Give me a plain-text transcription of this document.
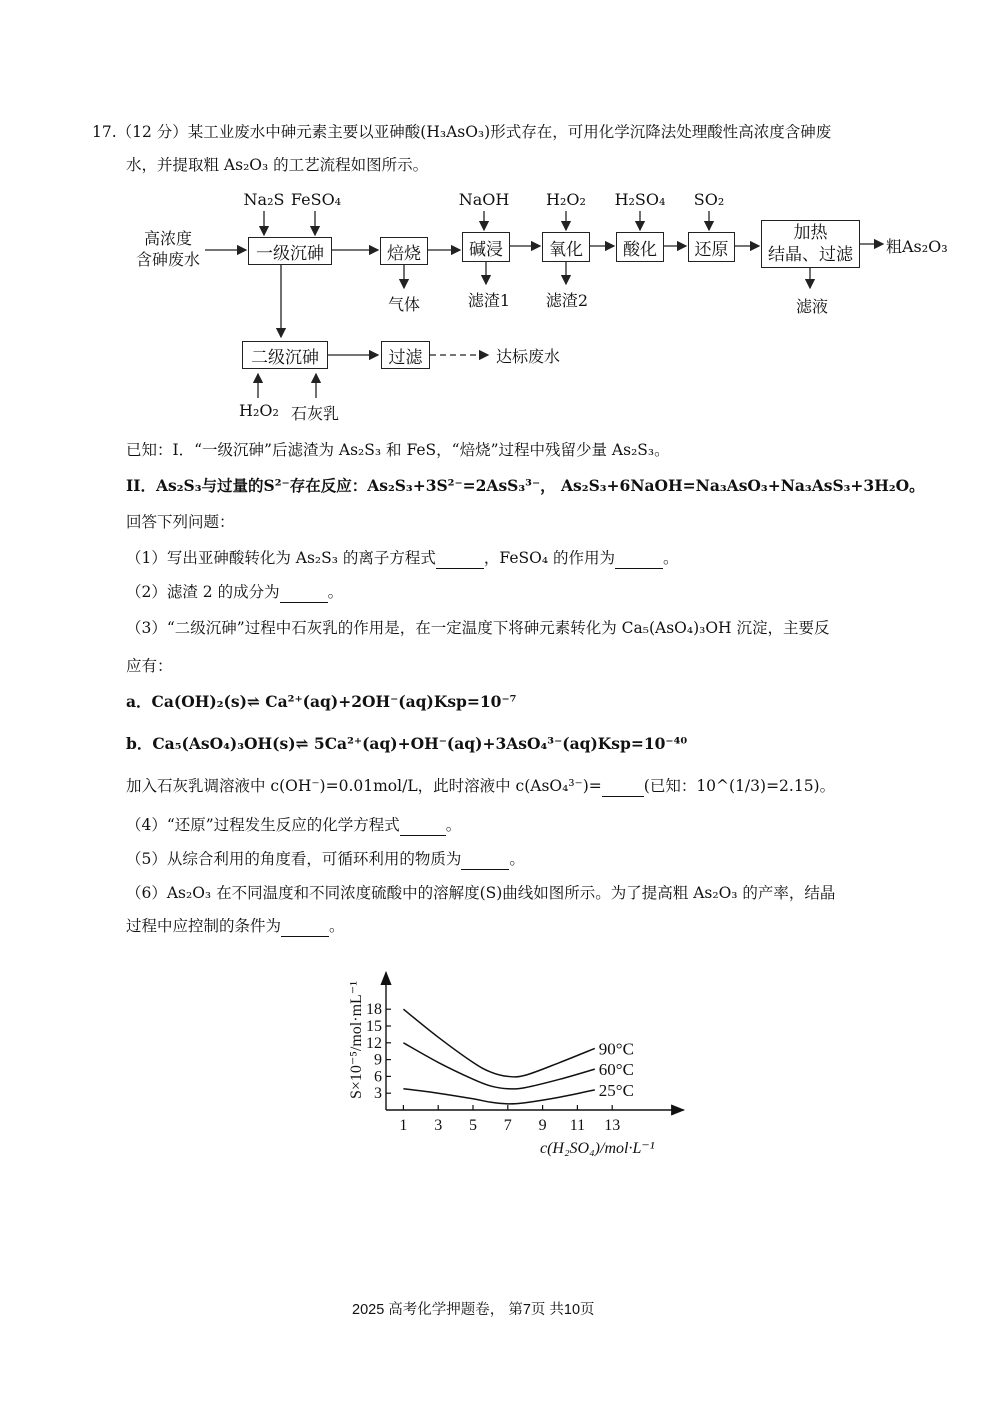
17.（12 分）某工业废水中砷元素主要以亚砷酸(H₃AsO₃)形式存在，可用化学沉降法处理酸性高浓度含砷废
水，并提取粗 As₂O₃ 的工艺流程如图所示。
高浓度
含砷废水
Na₂S FeSO₄	NaOH H₂O₂ H₂SO₄ SO₂
一级沉砷	焙烧	碱浸	氧化	酸化	还原
加热
结晶、过滤 粗As₂O₃
气体	滤渣1 滤渣2	滤液
二级沉砷	过滤	达标废水
H₂O₂ 石灰乳
已知：I．“一级沉砷”后滤渣为 As₂S₃ 和 FeS，“焙烧”过程中残留少量 As₂S₃。
II．As₂S₃与过量的S²⁻存在反应：As₂S₃+3S²⁻=2AsS₃³⁻， As₂S₃+6NaOH=Na₃AsO₃+Na₃AsS₃+3H₂O。
回答下列问题：
（1）写出亚砷酸转化为 As₂S₃ 的离子方程式	，FeSO₄ 的作用为	。
（2）滤渣 2 的成分为	。
（3）“二级沉砷”过程中石灰乳的作用是，在一定温度下将砷元素转化为 Ca₅(AsO₄)₃OH 沉淀，主要反
应有：
a．Ca(OH)₂(s)⇌ Ca²⁺(aq)+2OH⁻(aq)Ksp=10⁻⁷
b．Ca₅(AsO₄)₃OH(s)⇌ 5Ca²⁺(aq)+OH⁻(aq)+3AsO₄³⁻(aq)Ksp=10⁻⁴⁰
加入石灰乳调溶液中 c(OH⁻)=0.01mol/L，此时溶液中 c(AsO₄³⁻)=	(已知：10^(1/3)=2.15)。
（4）“还原”过程发生反应的化学方程式	。
（5）从综合利用的角度看，可循环利用的物质为	。
（6）As₂O₃ 在不同温度和不同浓度硫酸中的溶解度(S)曲线如图所示。为了提高粗 As₂O₃ 的产率，结晶
过程中应控制的条件为	。
1 3 5 7 9 11 13
3
6
9
12
15
18
c(H₂SO₄)/mol·L⁻¹
S×10⁻⁵/mol·mL⁻¹	90°C
60°C
25°C
2025 高考化学押题卷， 第7页 共10页
